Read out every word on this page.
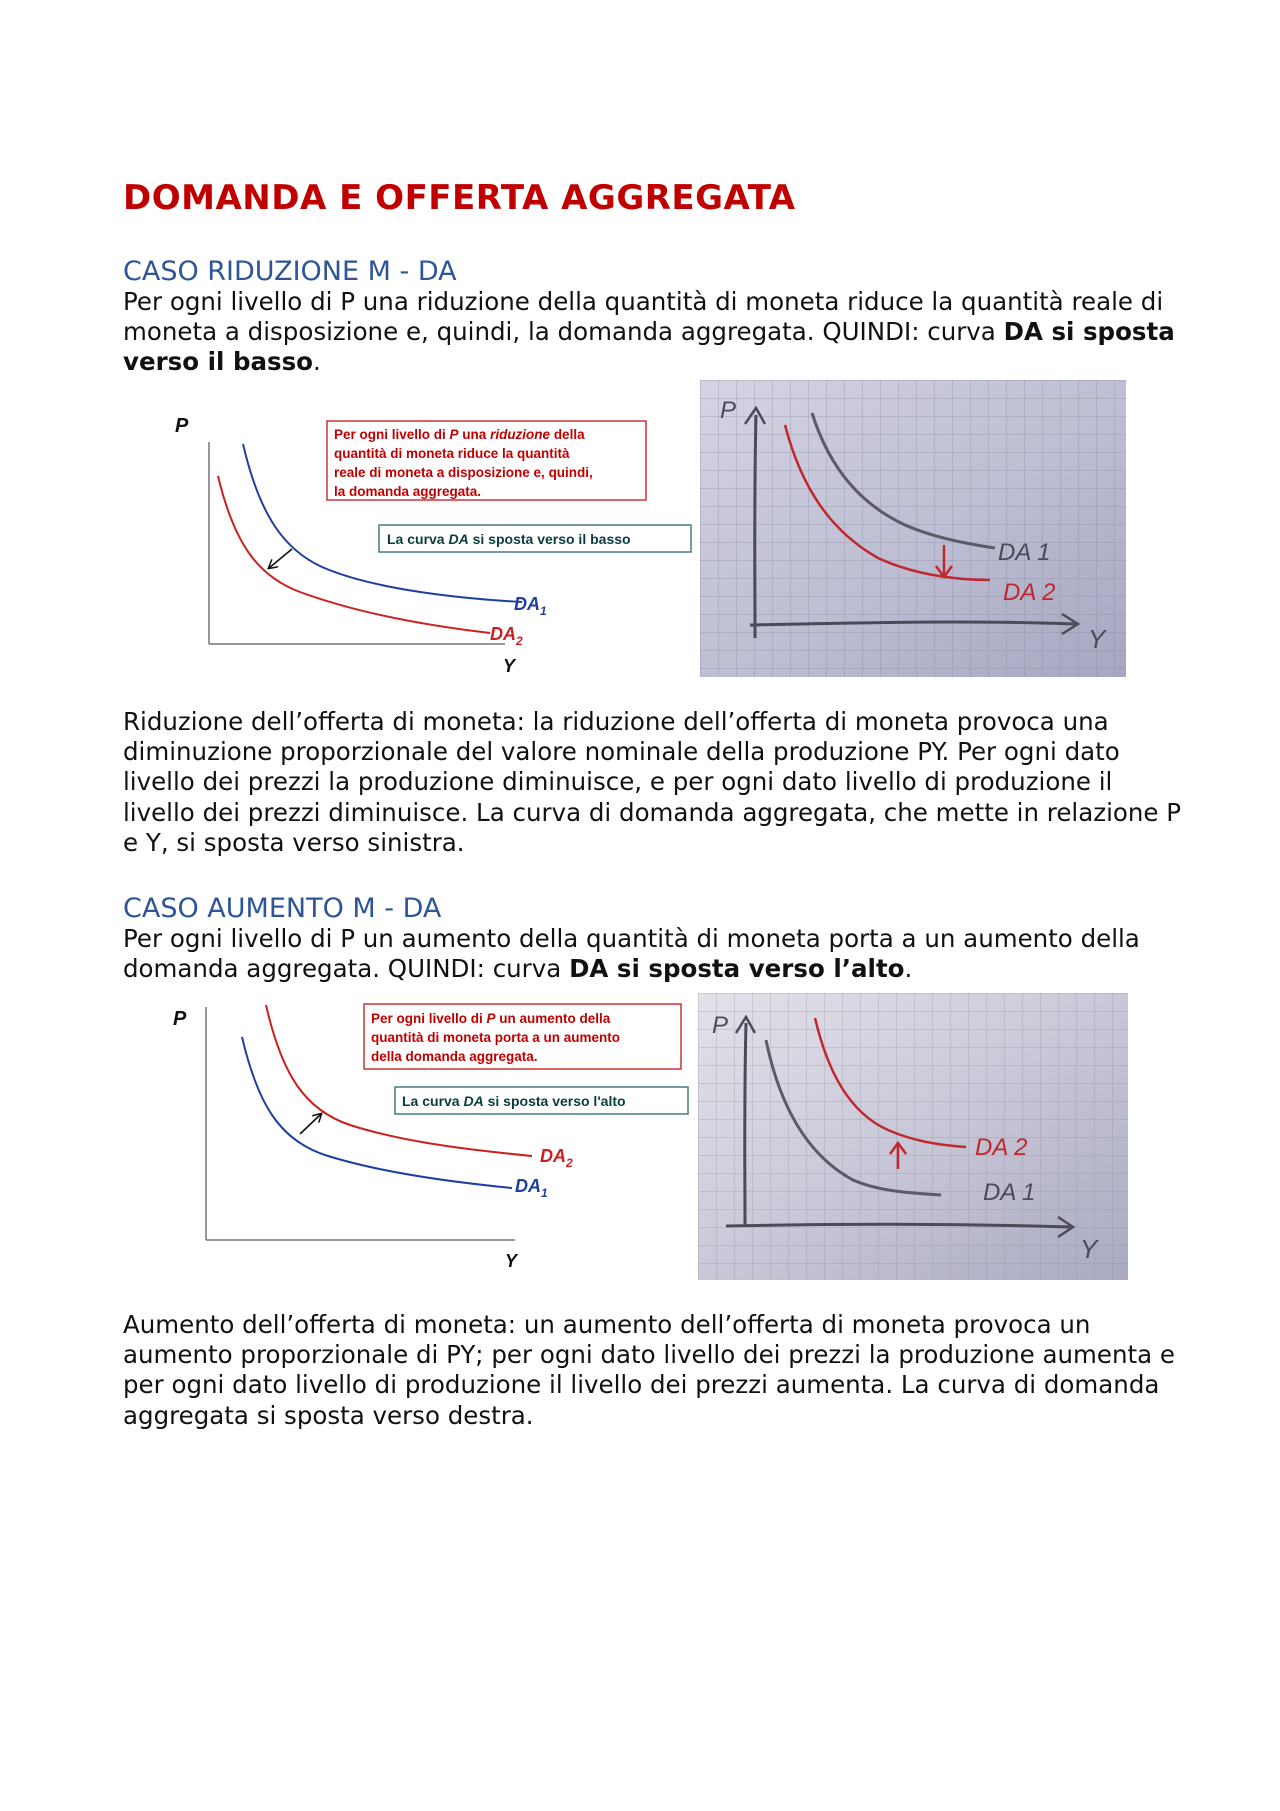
DOMANDA E OFFERTA AGGREGATA
CASO RIDUZIONE M - DA

Per ogni livello di P una riduzione della quantità di moneta riduce la quantità reale di moneta a disposizione e, quindi, la domanda aggregata. QUINDI: curva DA si sposta verso il basso.

P
Y
$DA_1$
$DA_2$
Per ogni livello di P una riduzione della
quantità di moneta riduce la quantità
reale di moneta a disposizione e, quindi,
la domanda aggregata.
La curva DA si sposta verso il basso
P
Y
DA 1
DA 2

Riduzione dell’offerta di moneta: la riduzione dell’offerta di moneta provoca una diminuzione proporzionale del valore nominale della produzione PY. Per ogni dato livello dei prezzi la produzione diminuisce, e per ogni dato livello di produzione il livello dei prezzi diminuisce. La curva di domanda aggregata, che mette in relazione P e Y, si sposta verso sinistra.

CASO AUMENTO M - DA

Per ogni livello di P un aumento della quantità di moneta porta a un aumento della domanda aggregata. QUINDI: curva DA si sposta verso l’alto.

P
Y
$DA_2$
$DA_1$
Per ogni livello di P un aumento della
quantità di moneta porta a un aumento
della domanda aggregata.
La curva DA si sposta verso l'alto
P
Y
DA 2
DA 1

Aumento dell’offerta di moneta: un aumento dell’offerta di moneta provoca un aumento proporzionale di PY; per ogni dato livello dei prezzi la produzione aumenta e per ogni dato livello di produzione il livello dei prezzi aumenta. La curva di domanda aggregata si sposta verso destra.
